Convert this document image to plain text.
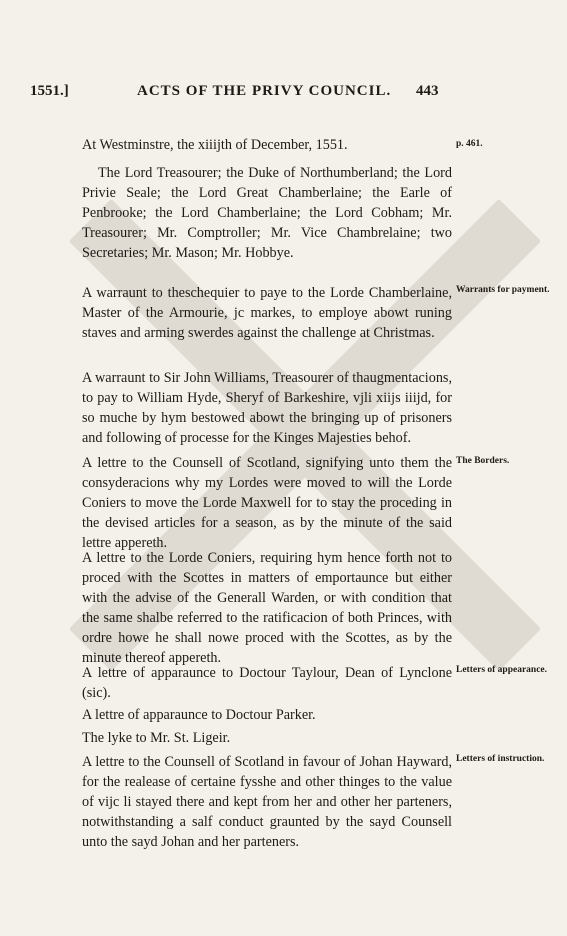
1551.]	ACTS OF THE PRIVY COUNCIL. 443
At Westminstre, the xiiijth of December, 1551.	p. 461.

The Lord Treasourer; the Duke of Northumberland; the Lord Privie Seale; the Lord Great Chamberlaine; the Earle of Penbrooke; the Lord Chamberlaine; the Lord Cobham; Mr. Treasourer; Mr. Comptroller; Mr. Vice Chambrelaine; two Secretaries; Mr. Mason; Mr. Hobbye.

A warraunt to theschequier to paye to the Lorde Chamberlaine, Master of the Armourie, jc markes, to employe abowt runing staves and arming swerdes against the challenge at Christmas.

Warrants for payment.

A warraunt to Sir John Williams, Treasourer of thaugmentacions, to pay to William Hyde, Sheryf of Barkeshire, vjli xiijs iiijd, for so muche by hym bestowed abowt the bringing up of prisoners and following of processe for the Kinges Majesties behof.

A lettre to the Counsell of Scotland, signifying unto them the consyderacions why my Lordes were moved to will the Lorde Coniers to move the Lorde Maxwell for to stay the proceding in the devised articles for a season, as by the minute of the said lettre appereth.

The Borders.

A lettre to the Lorde Coniers, requiring hym hence forth not to proced with the Scottes in matters of emportaunce but either with the advise of the Generall Warden, or with condition that the same shalbe referred to the ratificacion of both Princes, with ordre howe he shall nowe proced with the Scottes, as by the minute thereof appereth.

A lettre of apparaunce to Doctour Taylour, Dean of Lynclone (sic).

Letters of appearance.

A lettre of apparaunce to Doctour Parker.

The lyke to Mr. St. Ligeir.

A lettre to the Counsell of Scotland in favour of Johan Hayward, for the realease of certaine fysshe and other thinges to the value of vijc li stayed there and kept from her and other her parteners, notwithstanding a salf conduct graunted by the sayd Counsell unto the sayd Johan and her parteners.

Letters of instruction.
